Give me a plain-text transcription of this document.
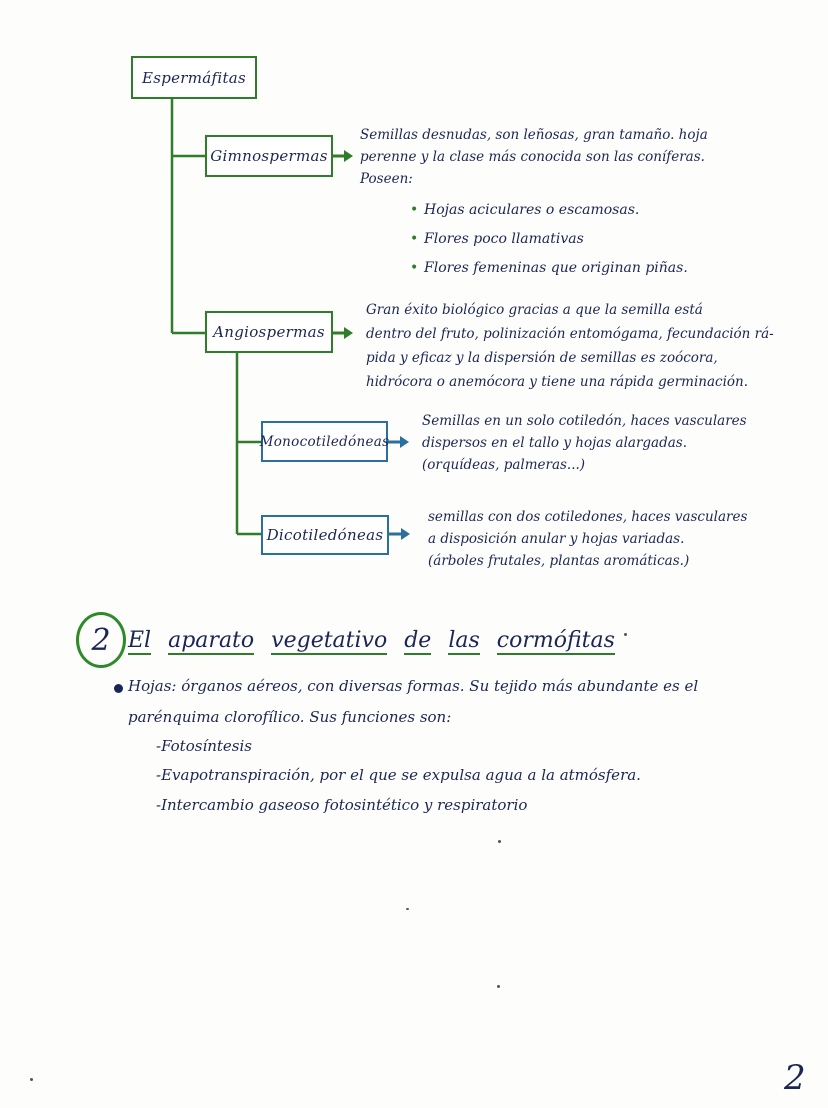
Espermáfitas
Gimnospermas
Angiospermas
Monocotiledóneas
Dicotiledóneas
Semillas desnudas, son leñosas, gran tamaño. hoja
perenne y la clase más conocida son las coníferas.
Poseen:
• Hojas aciculares o escamosas.
• Flores poco llamativas
• Flores femeninas que originan piñas.
Gran éxito biológico gracias a que la semilla está
dentro del fruto, polinización entomógama, fecundación rá-
pida y eficaz y la dispersión de semillas es zoócora,
hidrócora o anemócora y tiene una rápida germinación.
Semillas en un solo cotiledón, haces vasculares
dispersos en el tallo y hojas alargadas.
(orquídeas, palmeras...)
semillas con dos cotiledones, haces vasculares
a disposición anular y hojas variadas.
(árboles frutales, plantas aromáticas.)
2 El aparato vegetativo de las cormófitas
Hojas: órganos aéreos, con diversas formas. Su tejido más abundante es el
parénquima clorofílico. Sus funciones son:
-Fotosíntesis
-Evapotranspiración, por el que se expulsa agua a la atmósfera.
-Intercambio gaseoso fotosintético y respiratorio
2
